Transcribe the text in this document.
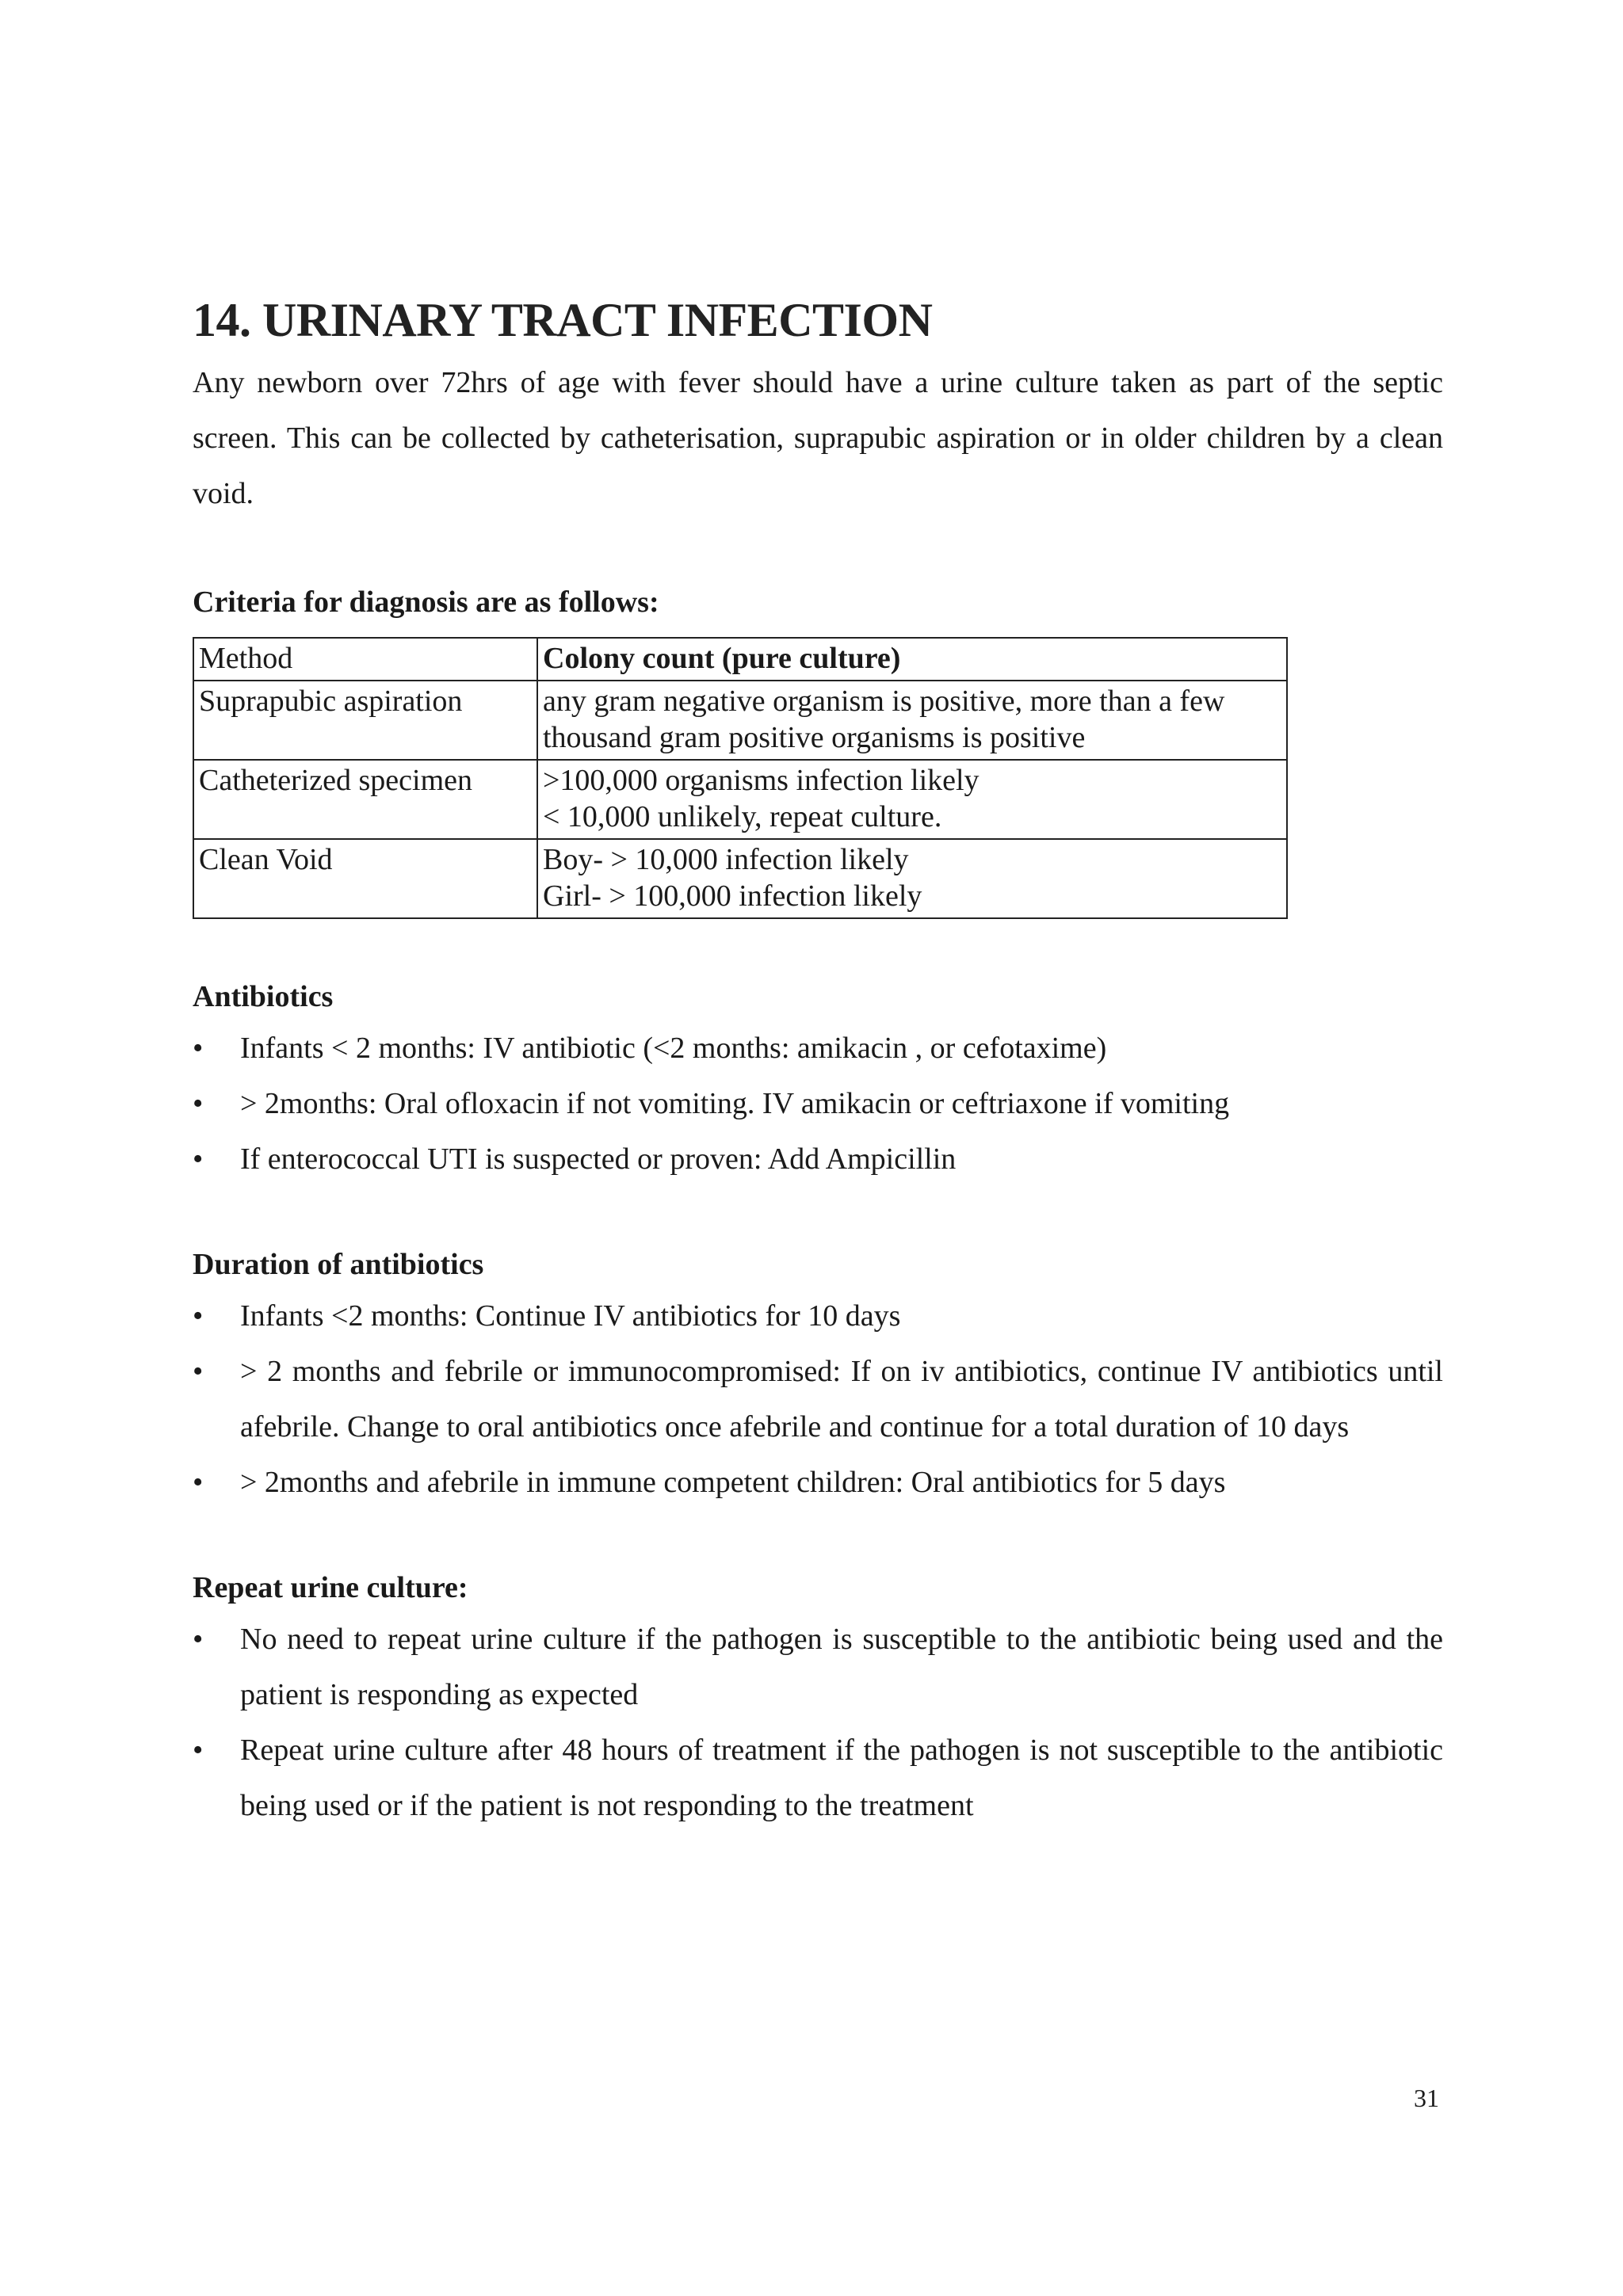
14. URINARY TRACT INFECTION

Any newborn over 72hrs of age with fever should have a urine culture taken as part of the septic screen. This can be collected by catheterisation, suprapubic aspiration or in older children by a clean void.

Criteria for diagnosis are as follows:

Method	Colony count (pure culture)
Suprapubic aspiration	any gram negative organism is positive, more than a few thousand gram positive organisms is positive
Catheterized specimen	>100,000 organisms infection likely
< 10,000 unlikely, repeat culture.

Clean Void	Boy- > 10,000 infection likely
Girl- > 100,000 infection likely

Antibiotics

•	Infants < 2 months: IV antibiotic (<2 months: amikacin , or cefotaxime)
•	> 2months: Oral ofloxacin if not vomiting. IV amikacin or ceftriaxone if vomiting
•	If enterococcal UTI is suspected or proven: Add Ampicillin

Duration of antibiotics

•	Infants <2 months: Continue IV antibiotics for 10 days
•	> 2 months and febrile or immunocompromised: If on iv antibiotics, continue IV antibiotics until afebrile. Change to oral antibiotics once afebrile and continue for a total duration of 10 days
•	> 2months and afebrile in immune competent children: Oral antibiotics for 5 days

Repeat urine culture:

•	No need to repeat urine culture if the pathogen is susceptible to the antibiotic being used and the patient is responding as expected
•	Repeat urine culture after 48 hours of treatment if the pathogen is not susceptible to the antibiotic being used or if the patient is not responding to the treatment
31
